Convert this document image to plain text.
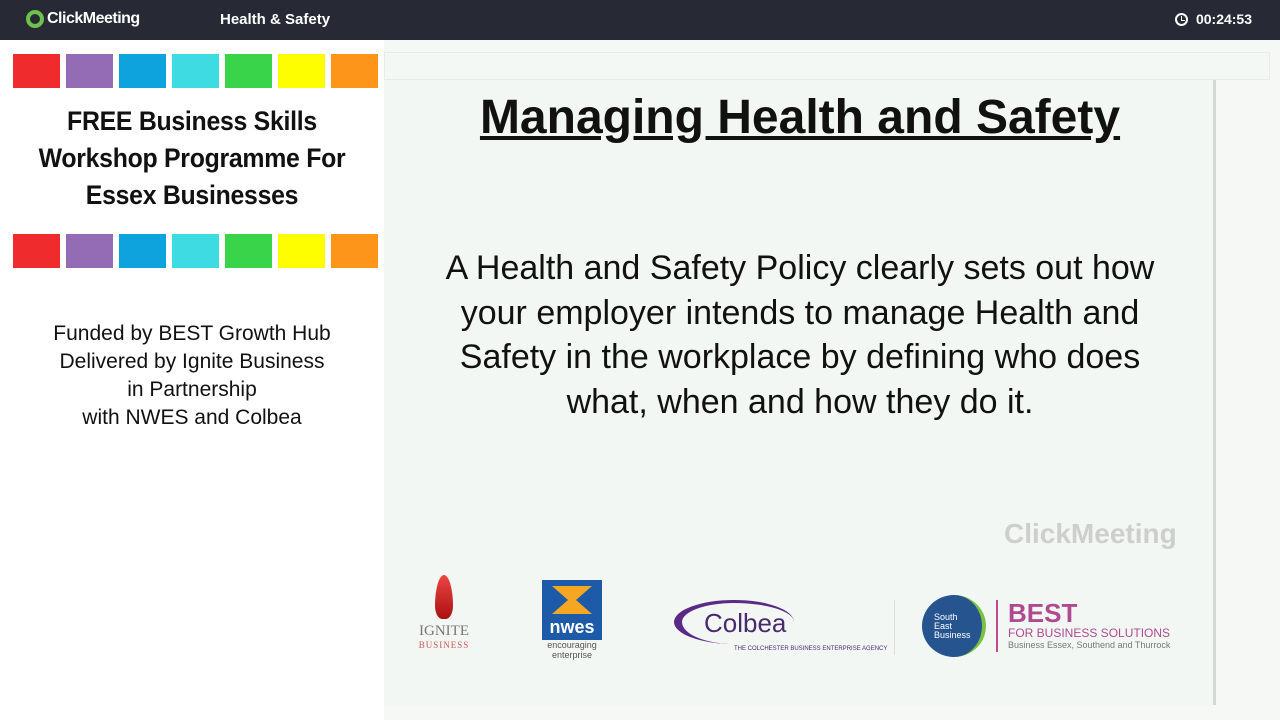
ClickMeeting	Health & Safety	00:24:53
FREE Business Skills
Workshop Programme For
Essex Businesses
Funded by BEST Growth Hub
Delivered by Ignite Business
in Partnership
with NWES and Colbea
Managing Health and Safety
A Health and Safety Policy clearly sets out how your employer intends to manage Health and Safety in the workplace by defining who does what, when and how they do it.
IGNITE
BUSINESS
nwes
encouraging
enterprise
Colbea
THE COLCHESTER BUSINESS ENTERPRISE AGENCY
South
East
Business
BEST
FOR BUSINESS SOLUTIONS
Business Essex, Southend and Thurrock
ClickMeeting
